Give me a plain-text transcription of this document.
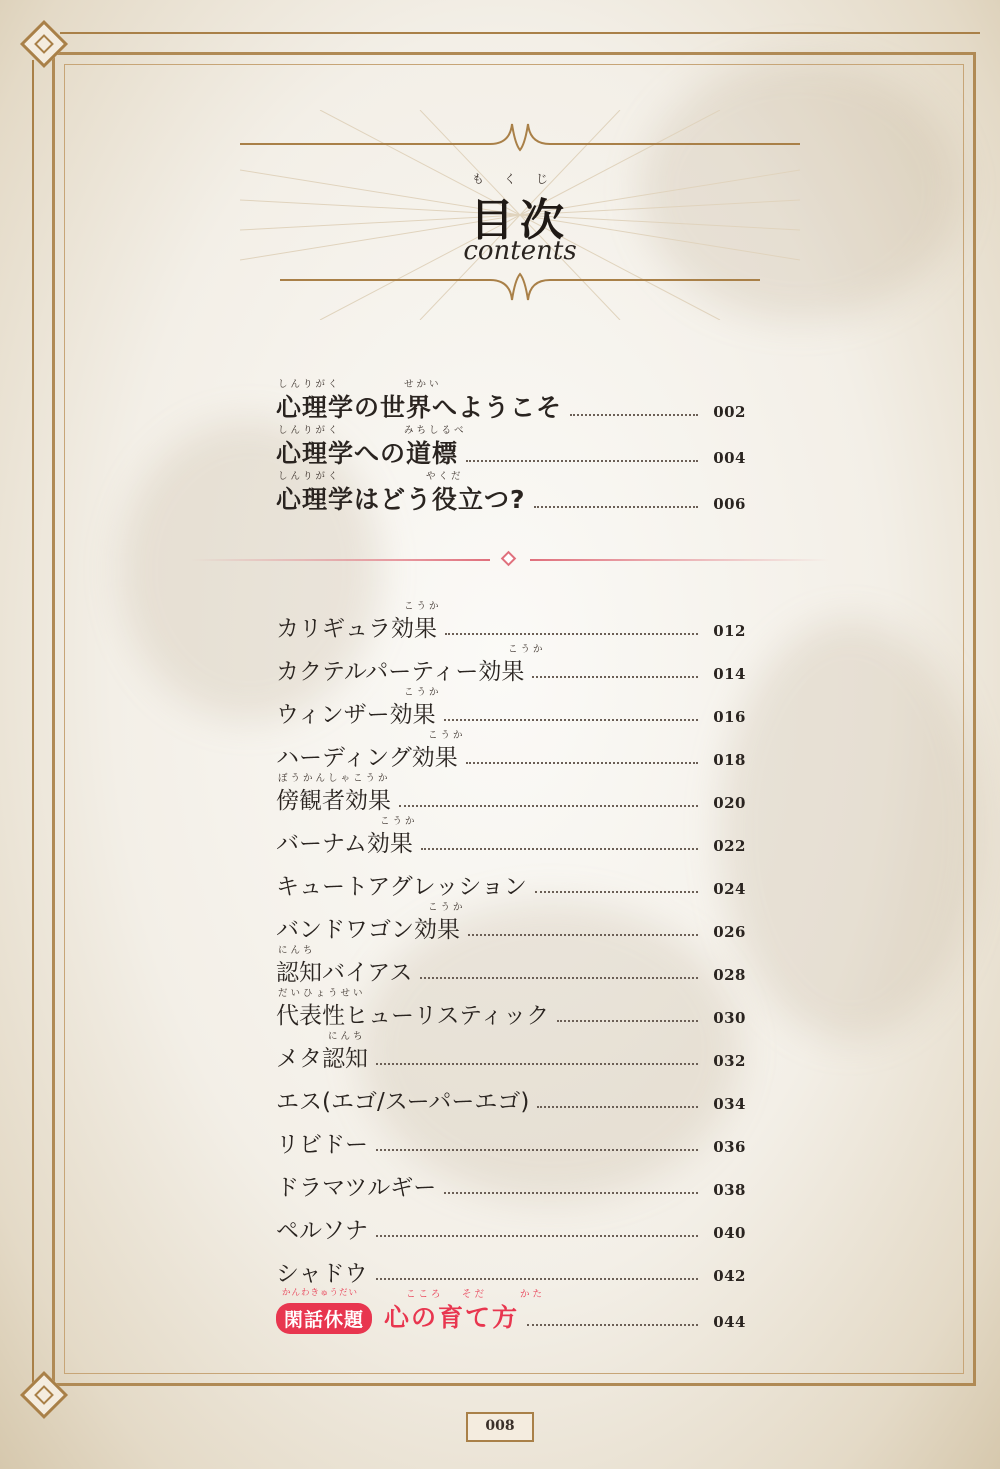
もくじ
目次
contents
しんりがく	せかい
心理学の世界へようこそ	002
しんりがく	みちしるべ
心理学への道標	004
しんりがく	やくだ
心理学はどう役立つ?	006
こうか
カリギュラ効果	012
こうか
カクテルパーティー効果	014
こうか
ウィンザー効果	016
こうか
ハーディング効果	018
ぼうかんしゃこうか
傍観者効果	020
こうか
バーナム効果	022
キュートアグレッション	024
こうか
バンドワゴン効果	026
にんち
認知バイアス	028
だいひょうせい
代表性ヒューリスティック	030
にんち
メタ認知	032
エス(エゴ/スーパーエゴ)	034
リビドー	036
ドラマツルギー	038
ペルソナ	040
シャドウ	042
かんわきゅうだい	こころ そだ	かた
閑話休題 心の育て方	044
008
